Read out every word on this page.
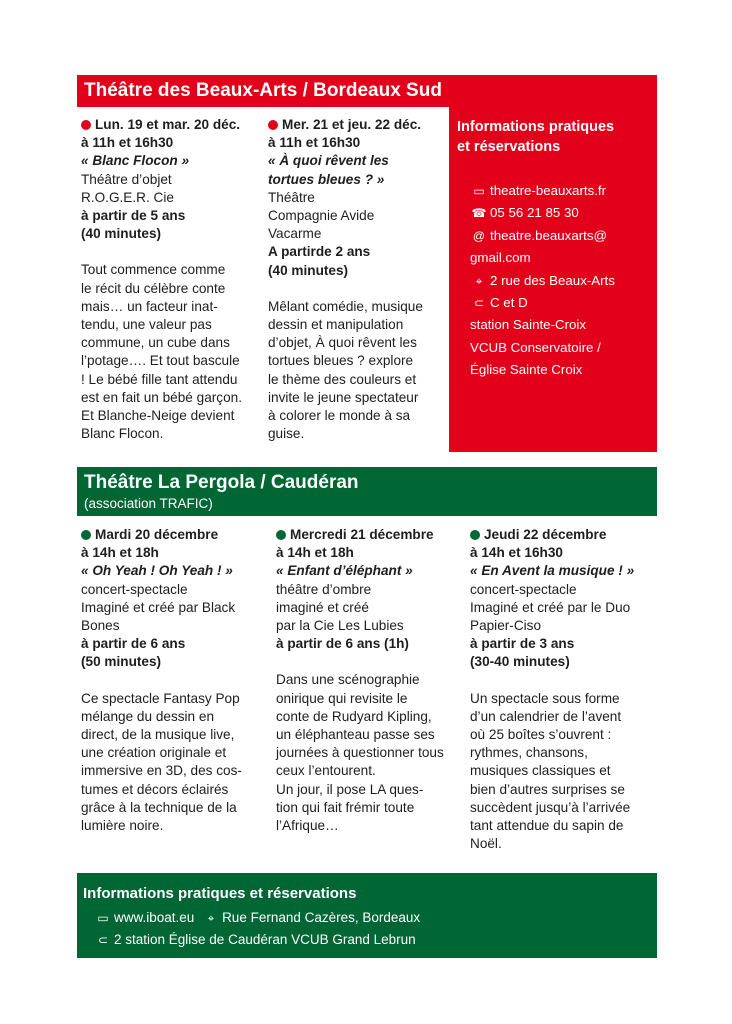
Théâtre des Beaux-Arts / Bordeaux Sud
Lun. 19 et mar. 20 déc.
à 11h et 16h30
« Blanc Flocon »
Théâtre d’objet
R.O.G.E.R. Cie
à partir de 5 ans
(40 minutes)
Tout commence comme
le récit du célèbre conte
mais… un facteur inat-
tendu, une valeur pas
commune, un cube dans
l’potage…. Et tout bascule
! Le bébé fille tant attendu
est en fait un bébé garçon.
Et Blanche-Neige devient
Blanc Flocon.
Mer. 21 et jeu. 22 déc.
à 11h et 16h30
« À quoi rêvent les
tortues bleues ? »
Théâtre
Compagnie Avide
Vacarme
A partirde 2 ans
(40 minutes)
Mêlant comédie, musique
dessin et manipulation
d’objet, À quoi rêvent les
tortues bleues ? explore
le thème des couleurs et
invite le jeune spectateur
à colorer le monde à sa
guise.
Informations pratiques
et réservations
▭ theatre-beauxarts.fr
☎ 05 56 21 85 30
@ theatre.beauxarts@
gmail.com
⌖ 2 rue des Beaux-Arts
⊂ C et D
station Sainte-Croix
VCUB Conservatoire /
Église Sainte Croix
Théâtre La Pergola / Caudéran
(association TRAFIC)
Mardi 20 décembre
à 14h et 18h
« Oh Yeah ! Oh Yeah ! »
concert-spectacle
Imaginé et créé par Black
Bones
à partir de 6 ans
(50 minutes)
Ce spectacle Fantasy Pop
mélange du dessin en
direct, de la musique live,
une création originale et
immersive en 3D, des cos-
tumes et décors éclairés
grâce à la technique de la
lumière noire.
Mercredi 21 décembre
à 14h et 18h
« Enfant d’éléphant »
théâtre d’ombre
imaginé et créé
par la Cie Les Lubies
à partir de 6 ans (1h)
Dans une scénographie
onirique qui revisite le
conte de Rudyard Kipling,
un éléphanteau passe ses
journées à questionner tous
ceux l’entourent.
Un jour, il pose LA ques-
tion qui fait frémir toute
l’Afrique…
Jeudi 22 décembre
à 14h et 16h30
« En Avent la musique ! »
concert-spectacle
Imaginé et créé par le Duo
Papier-Ciso
à partir de 3 ans
(30-40 minutes)
Un spectacle sous forme
d’un calendrier de l’avent
où 25 boîtes s’ouvrent :
rythmes, chansons,
musiques classiques et
bien d’autres surprises se
succèdent jusqu’à l’arrivée
tant attendue du sapin de
Noël.
Informations pratiques et réservations
▭ www.iboat.eu ⌖ Rue Fernand Cazères, Bordeaux
⊂ 2 station Église de Caudéran VCUB Grand Lebrun
